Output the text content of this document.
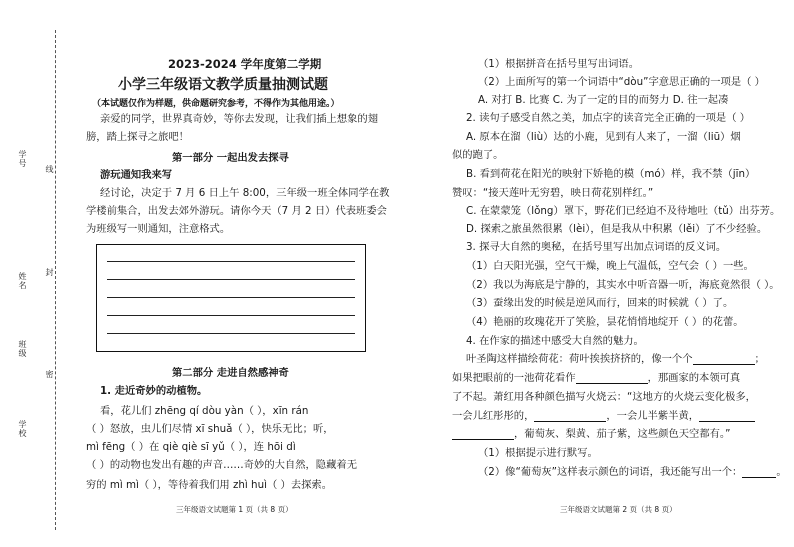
学号
姓名
班级
学校
线
封
密
2023-2024 学年度第二学期
小学三年级语文教学质量抽测试题
（本试题仅作为样题，供命题研究参考，不得作为其他用途。）
亲爱的同学，世界真奇妙，等你去发现，让我们插上想象的翅
膀，踏上探寻之旅吧！
第一部分 一起出发去探寻
游玩通知我来写
经讨论，决定于 7 月 6 日上午 8:00，三年级一班全体同学在教
学楼前集合，出发去郊外游玩。请你今天（7 月 2 日）代表班委会
为班级写一则通知，注意格式。
第二部分 走进自然感神奇
1. 走近奇妙的动植物。
看，花儿们 zhēng qí dòu yàn（ ），xīn rán
（ ）怒放，虫儿们尽情 xī shuǎ（ ），快乐无比；听，
mì fēng（ ）在 qiè qiè sī yǔ（ ），连 hōi dì
（ ）的动物也发出有趣的声音……奇妙的大自然，隐藏着无
穷的 mì mì（ ），等待着我们用 zhì huì（ ）去探索。
三年级语文试题第 1 页（共 8 页）
（1）根据拼音在括号里写出词语。
（2）上面所写的第一个词语中“dòu”字意思正确的一项是（ ）
A. 对打 B. 比赛 C. 为了一定的目的而努力 D. 往一起凑
2. 读句子感受自然之美，加点字的读音完全正确的一项是（ ）
A. 原本在溜（liù）达的小鹿，见到有人来了，一溜（liū）烟
似的跑了。
B. 看到荷花在阳光的映射下娇艳的模（mó）样，我不禁（jīn）
赞叹：“接天莲叶无穷碧，映日荷花别样红。”
C. 在蒙蒙笼（lǒng）罩下，野花们已经迫不及待地吐（tǔ）出芬芳。
D. 探索之旅虽然很累（lèi），但是我从中积累（lěi）了不少经验。
3. 探寻大自然的奥秘，在括号里写出加点词语的反义词。
（1）白天阳光强，空气干燥，晚上气温低，空气会（ ）一些。
（2）我以为海底是宁静的，其实水中听音器一听，海底竟然很（ ）。
（3）蚕缘出发的时候是逆风而行，回来的时候就（ ）了。
（4）艳丽的玫瑰花开了笑脸，昙花悄悄地绽开（ ）的花蕾。
4. 在作家的描述中感受大自然的魅力。
叶圣陶这样描绘荷花：荷叶挨挨挤挤的，像一个个	；
如果把眼前的一池荷花看作	，那画家的本领可真
了不起。萧红用各种颜色描写火烧云：“这地方的火烧云变化极多，
一会儿红彤彤的，	，一会儿半紫半黄，
，葡萄灰、梨黄、茄子紫，这些颜色天空都有。”
（1）根据提示进行默写。
（2）像“葡萄灰”这样表示颜色的词语，我还能写出一个：	。
三年级语文试题第 2 页（共 8 页）
